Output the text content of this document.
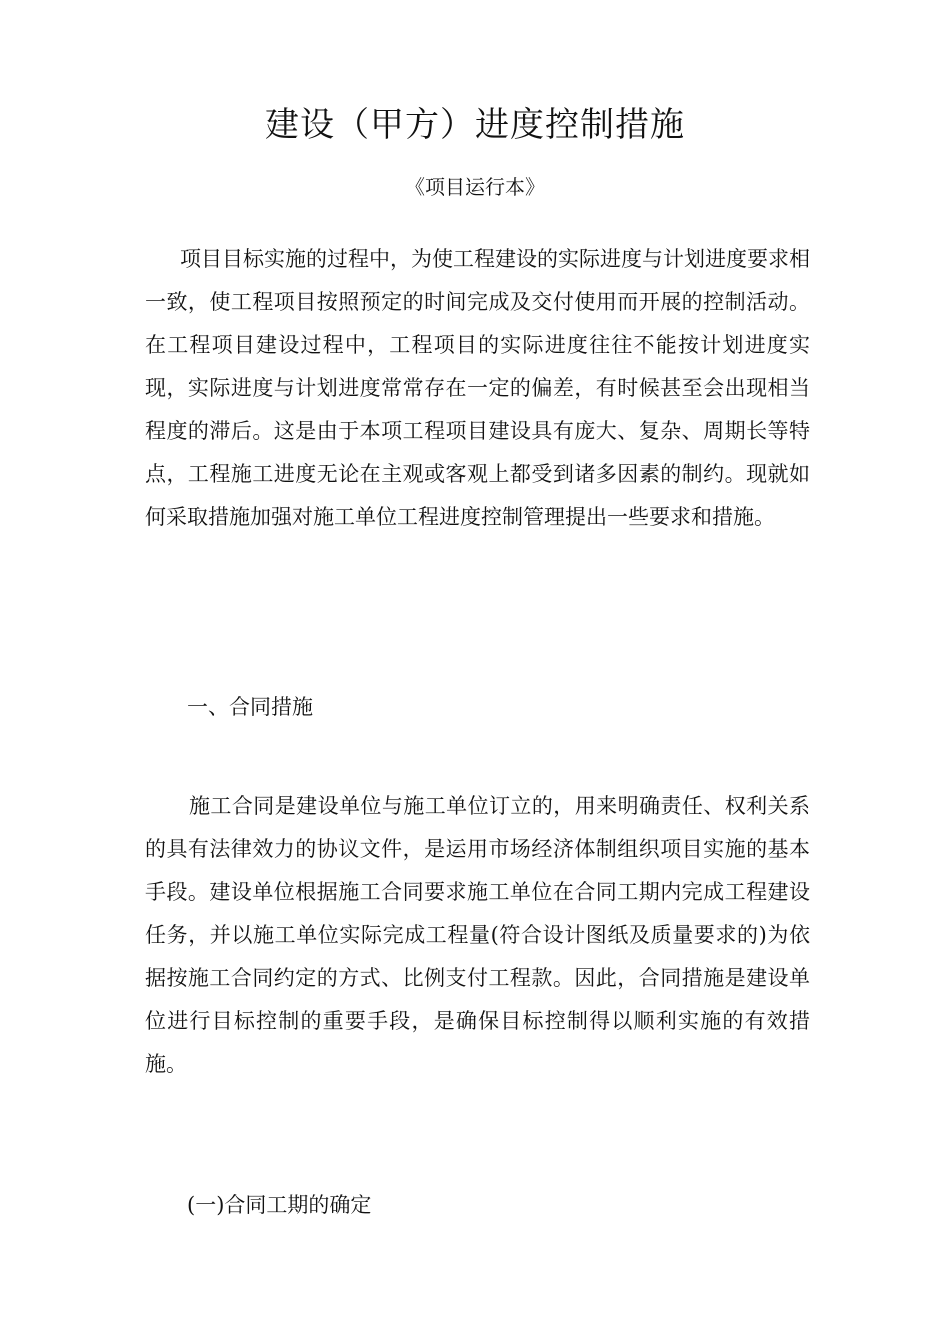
建设（甲方）进度控制措施

《项目运行本》

项目目标实施的过程中，为使工程建设的实际进度与计划进度要求相一致，使工程项目按照预定的时间完成及交付使用而开展的控制活动。在工程项目建设过程中，工程项目的实际进度往往不能按计划进度实现，实际进度与计划进度常常存在一定的偏差，有时候甚至会出现相当程度的滞后。这是由于本项工程项目建设具有庞大、复杂、周期长等特点，工程施工进度无论在主观或客观上都受到诸多因素的制约。现就如何采取措施加强对施工单位工程进度控制管理提出一些要求和措施。

一、合同措施

施工合同是建设单位与施工单位订立的，用来明确责任、权利关系的具有法律效力的协议文件，是运用市场经济体制组织项目实施的基本手段。建设单位根据施工合同要求施工单位在合同工期内完成工程建设任务，并以施工单位实际完成工程量(符合设计图纸及质量要求的)为依据按施工合同约定的方式、比例支付工程款。因此，合同措施是建设单位进行目标控制的重要手段，是确保目标控制得以顺利实施的有效措施。

(一)合同工期的确定
